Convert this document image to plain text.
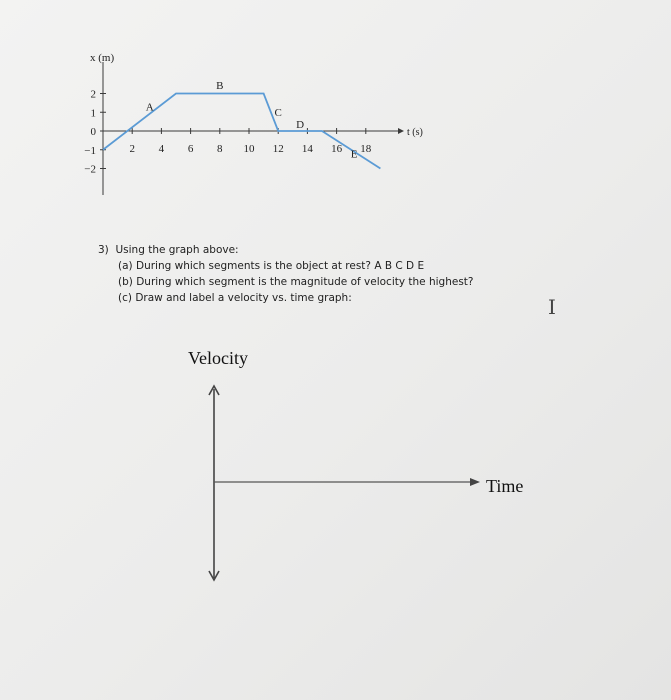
2
1
0
−1
−2
2 4 6 8 10 12 14 16 18
A
B
C
D
E
x (m)
t (s)
3) Using the graph above:
(a) During which segments is the object at rest? A B C D E
(b) During which segment is the magnitude of velocity the highest?
(c) Draw and label a velocity vs. time graph:	I
Velocity
Time
